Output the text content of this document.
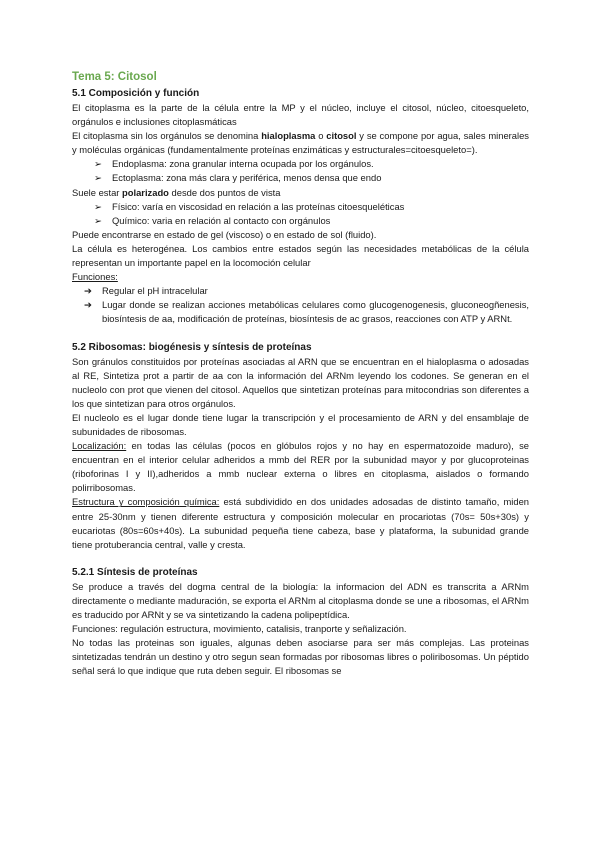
Tema 5: Citosol
5.1 Composición y función

El citoplasma es la parte de la célula entre la MP y el núcleo, incluye el citosol, núcleo, citoesqueleto, orgánulos e inclusiones citoplasmáticas

El citoplasma sin los orgánulos se denomina hialoplasma o citosol y se compone por agua, sales minerales y moléculas orgánicas (fundamentalmente proteínas enzimáticas y estructurales=citoesqueleto=).

➢	Endoplasma: zona granular interna ocupada por los orgánulos.
➢	Ectoplasma: zona más clara y periférica, menos densa que endo

Suele estar polarizado desde dos puntos de vista

➢	Físico: varía en viscosidad en relación a las proteínas citoesqueléticas
➢	Químico: varia en relación al contacto con orgánulos

Puede encontrarse en estado de gel (viscoso) o en estado de sol (fluido).

La célula es heterogénea. Los cambios entre estados según las necesidades metabólicas de la célula representan un importante papel en la locomoción celular

Funciones:

➔	Regular el pH intracelular
➔	Lugar donde se realizan acciones metabólicas celulares como glucogenogenesis, gluconeogñenesis, biosíntesis de aa, modificación de proteínas, biosíntesis de ac grasos, reacciones con ATP y ARNt.
5.2 Ribosomas: biogénesis y síntesis de proteínas

Son gránulos constituidos por proteínas asociadas al ARN que se encuentran en el hialoplasma o adosadas al RE, Sintetiza prot a partir de aa con la información del ARNm leyendo los codones. Se generan en el nucleolo con prot que vienen del citosol. Aquellos que sintetizan proteínas para mitocondrias son diferentes a los que sintetizan para otros orgánulos.

El nucleolo es el lugar donde tiene lugar la transcripción y el procesamiento de ARN y del ensamblaje de subunidades de ribosomas.

Localización: en todas las células (pocos en glóbulos rojos y no hay en espermatozoide maduro), se encuentran en el interior celular adheridos a mmb del RER por la subunidad mayor y por glucoproteinas (riboforinas I y II),adheridos a mmb nuclear externa o libres en citoplasma, aislados o formando polirribosomas.

Estructura y composición química: está subdividido en dos unidades adosadas de distinto tamaño, miden entre 25-30nm y tienen diferente estructura y composición molecular en procariotas (70s= 50s+30s) y eucariotas (80s=60s+40s). La subunidad pequeña tiene cabeza, base y plataforma, la subunidad grande tiene protuberancia central, valle y cresta.

5.2.1 Síntesis de proteínas

Se produce a través del dogma central de la biología: la informacion del ADN es transcrita a ARNm directamente o mediante maduración, se exporta el ARNm al citoplasma donde se une a ribosomas, el ARNm es traducido por ARNt y se va sintetizando la cadena polipeptídica.

Funciones: regulación estructura, movimiento, catalisis, tranporte y señalización.

No todas las proteinas son iguales, algunas deben asociarse para ser más complejas. Las proteinas sintetizadas tendrán un destino y otro segun sean formadas por ribosomas libres o poliribosomas. Un péptido señal será lo que indique que ruta deben seguir. El ribosomas se
